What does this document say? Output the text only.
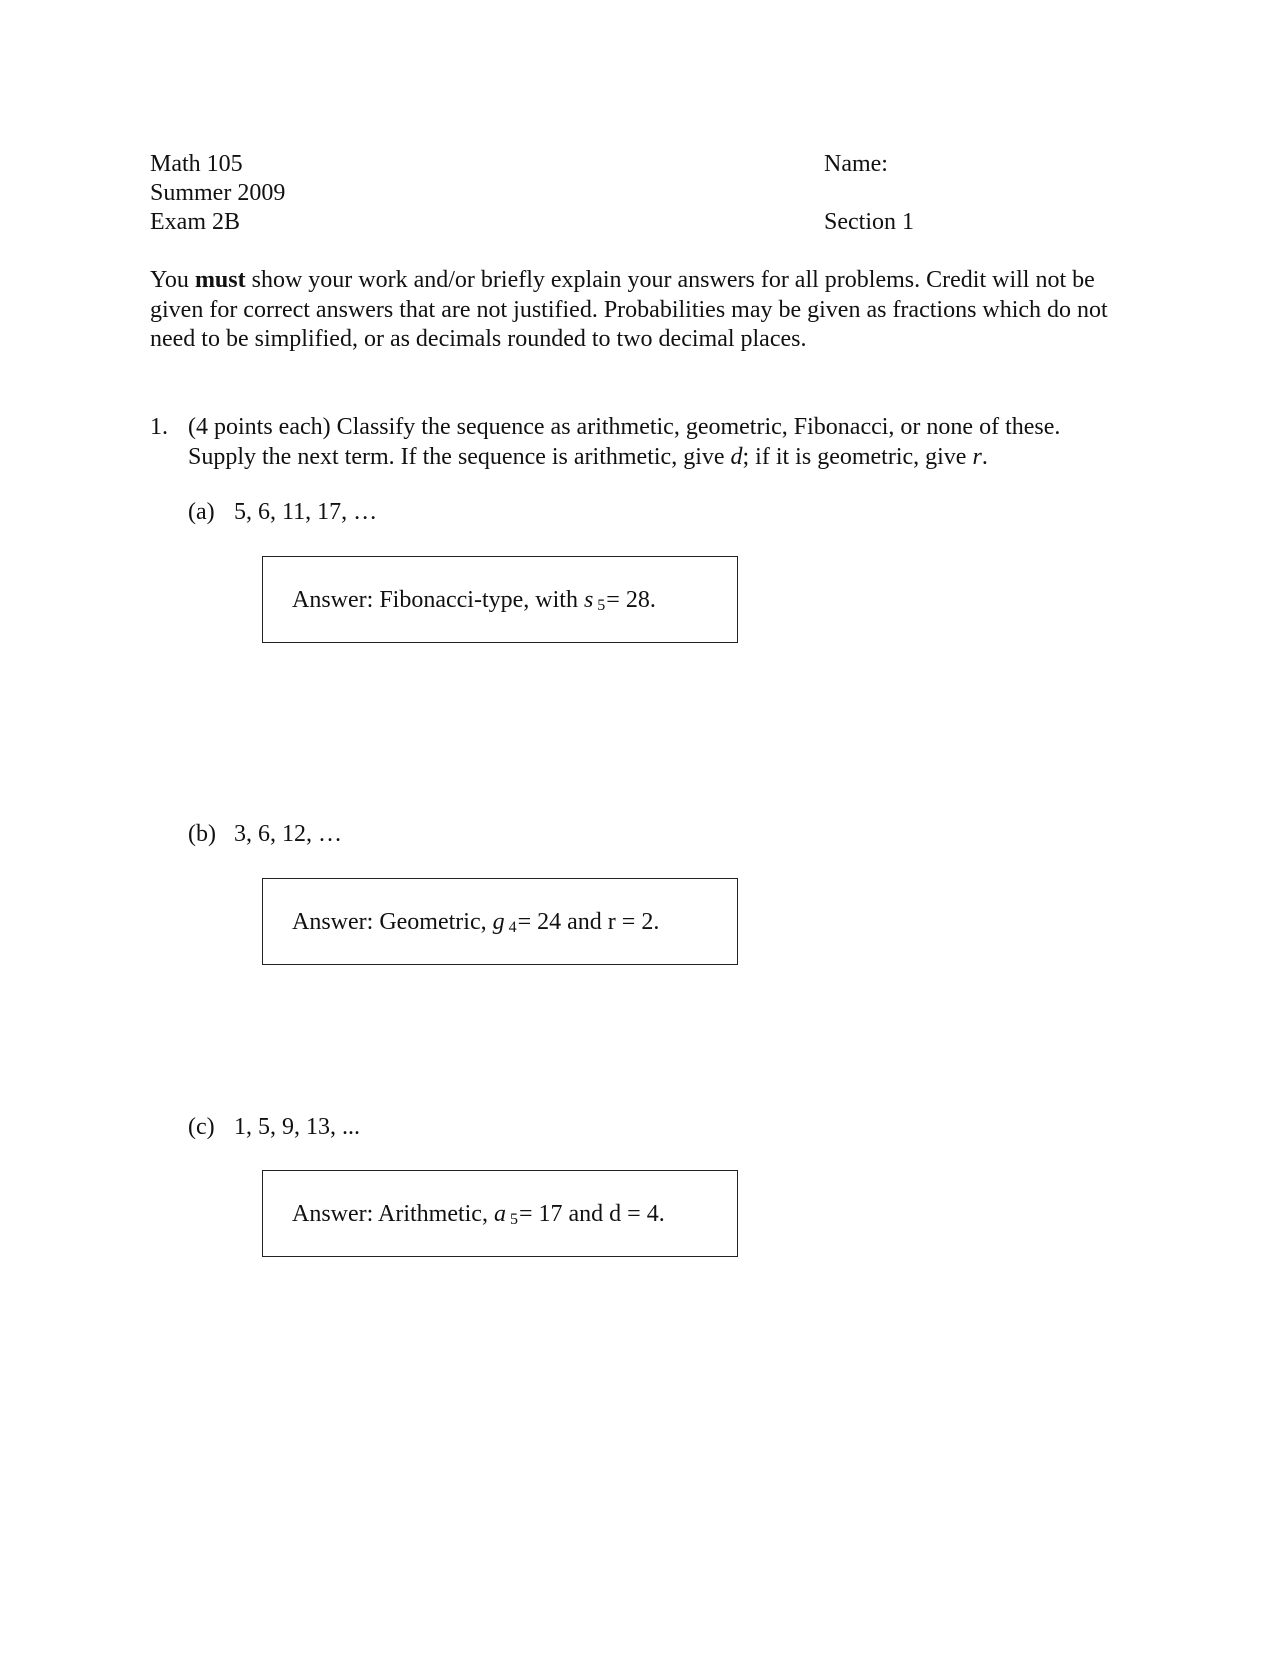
Math 105
Summer 2009
Exam 2B
Name:
Section 1
You must show your work and/or briefly explain your answers for all problems. Credit will not be given for correct answers that are not justified. Probabilities may be given as fractions which do not need to be simplified, or as decimals rounded to two decimal places.
1. (4 points each) Classify the sequence as arithmetic, geometric, Fibonacci, or none of these.
Supply the next term. If the sequence is arithmetic, give d; if it is geometric, give r.
(a) 5, 6, 11, 17, …
Answer: Fibonacci-type, with s 5= 28.
(b) 3, 6, 12, …
Answer: Geometric, g 4= 24 and r = 2.
(c) 1, 5, 9, 13, ...
Answer: Arithmetic, a 5= 17 and d = 4.
